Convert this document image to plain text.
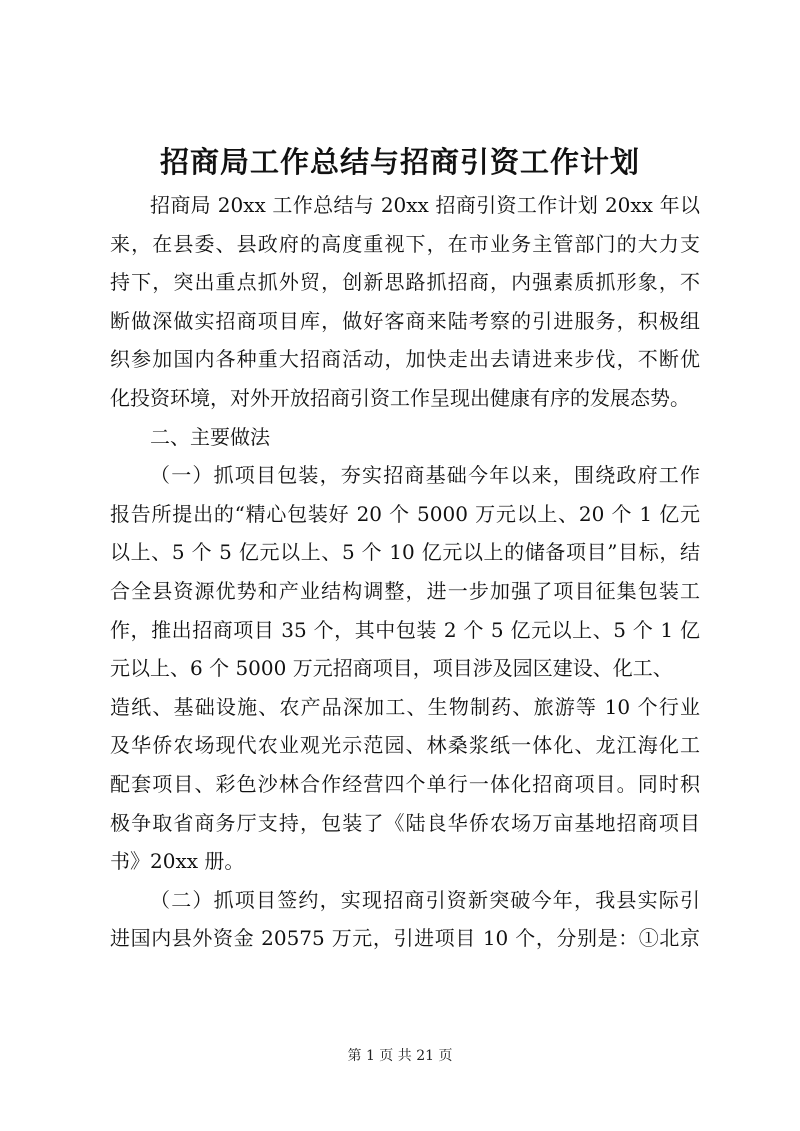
招商局工作总结与招商引资工作计划
招商局 20xx 工作总结与 20xx 招商引资工作计划 20xx 年以
来，在县委、县政府的高度重视下，在市业务主管部门的大力支
持下，突出重点抓外贸，创新思路抓招商，内强素质抓形象，不
断做深做实招商项目库，做好客商来陆考察的引进服务，积极组
织参加国内各种重大招商活动，加快走出去请进来步伐，不断优
化投资环境，对外开放招商引资工作呈现出健康有序的发展态势。
二、主要做法
（一）抓项目包装，夯实招商基础今年以来，围绕政府工作
报告所提出的“精心包装好 20 个 5000 万元以上、20 个 1 亿元
以上、5 个 5 亿元以上、5 个 10 亿元以上的储备项目”目标，结
合全县资源优势和产业结构调整，进一步加强了项目征集包装工
作，推出招商项目 35 个，其中包装 2 个 5 亿元以上、5 个 1 亿
元以上、6 个 5000 万元招商项目，项目涉及园区建设、化工、
造纸、基础设施、农产品深加工、生物制药、旅游等 10 个行业
及华侨农场现代农业观光示范园、林桑浆纸一体化、龙江海化工
配套项目、彩色沙林合作经营四个单行一体化招商项目。同时积
极争取省商务厅支持，包装了《陆良华侨农场万亩基地招商项目
书》20xx 册。
（二）抓项目签约，实现招商引资新突破今年，我县实际引
进国内县外资金 20575 万元，引进项目 10 个，分别是：①北京
第 1 页 共 21 页
